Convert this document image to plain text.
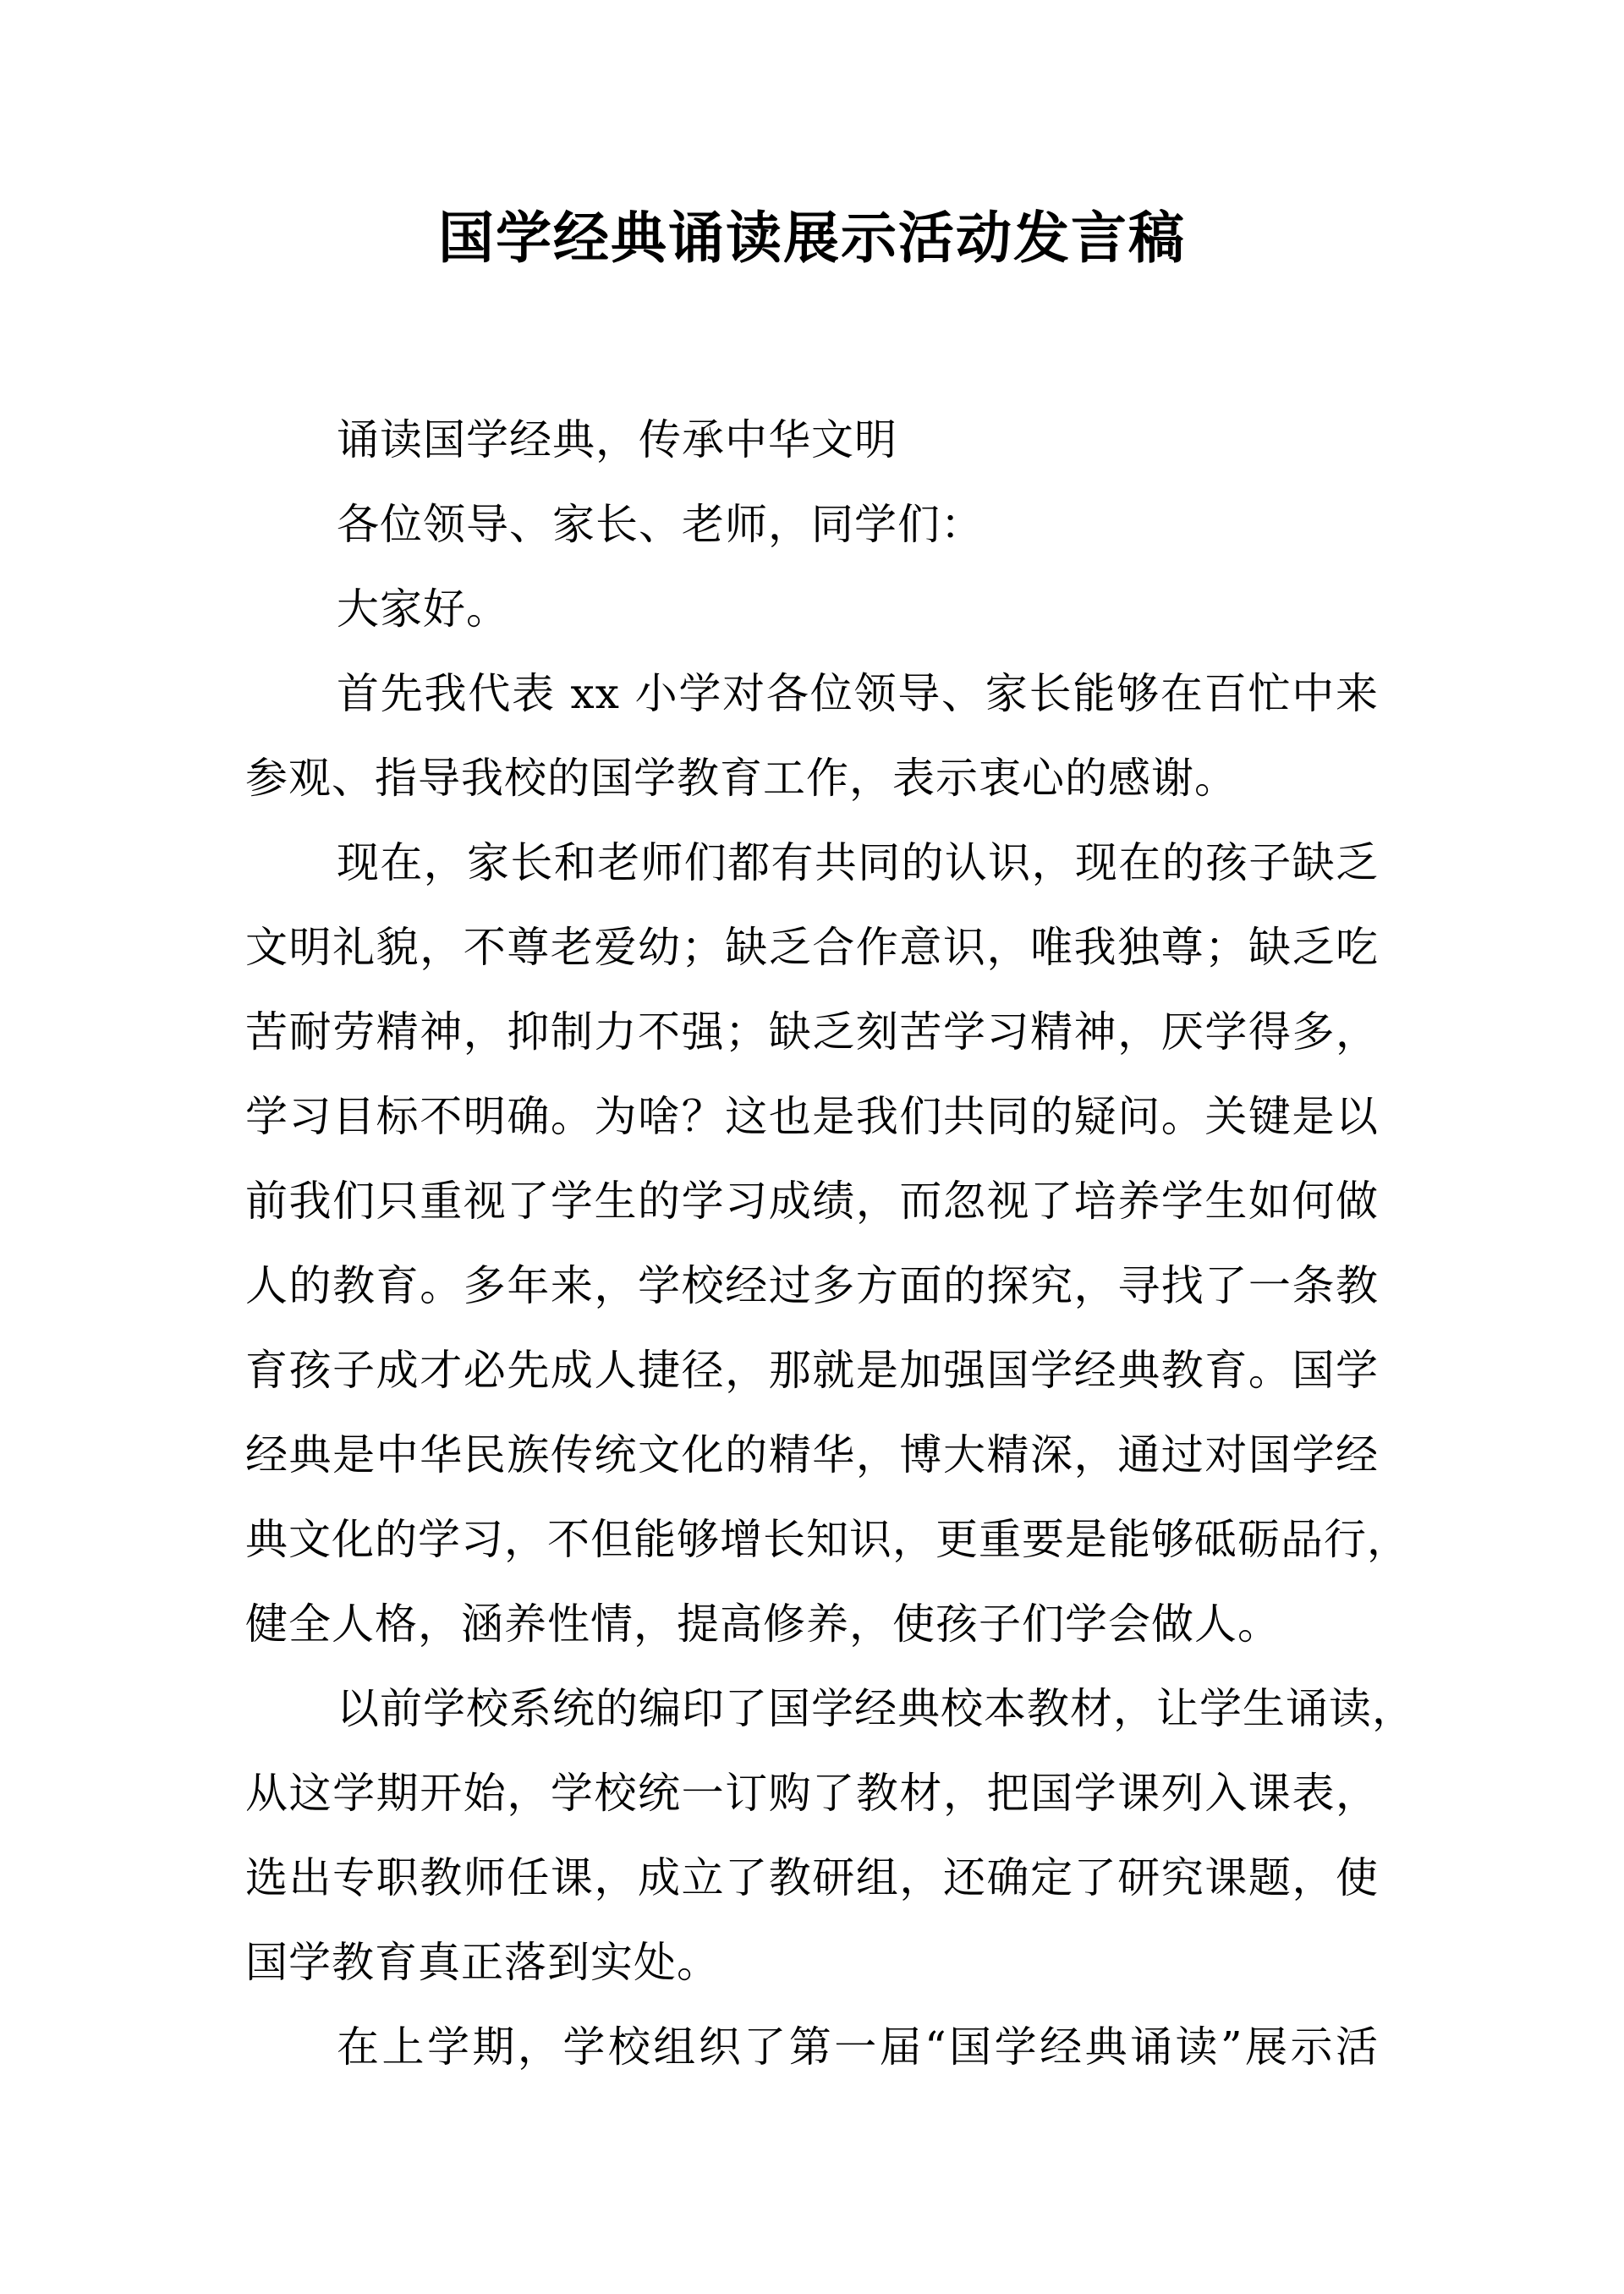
国学经典诵读展示活动发言稿
诵读国学经典，传承中华文明
各位领导、家长、老师，同学们：
大家好。
首先我代表 xx 小学对各位领导、家长能够在百忙中来
参观、指导我校的国学教育工作，表示衷心的感谢。
现在，家长和老师们都有共同的认识，现在的孩子缺乏
文明礼貌，不尊老爱幼；缺乏合作意识，唯我独尊；缺乏吃
苦耐劳精神，抑制力不强；缺乏刻苦学习精神，厌学得多，
学习目标不明确。为啥？这也是我们共同的疑问。关键是以
前我们只重视了学生的学习成绩，而忽视了培养学生如何做
人的教育。多年来，学校经过多方面的探究，寻找了一条教
育孩子成才必先成人捷径，那就是加强国学经典教育。国学
经典是中华民族传统文化的精华，博大精深，通过对国学经
典文化的学习，不但能够增长知识，更重要是能够砥砺品行，
健全人格，涵养性情，提高修养，使孩子们学会做人。
以前学校系统的编印了国学经典校本教材，让学生诵读，
从这学期开始，学校统一订购了教材，把国学课列入课表，
选出专职教师任课，成立了教研组，还确定了研究课题，使
国学教育真正落到实处。
在上学期，学校组织了第一届“国学经典诵读”展示活
